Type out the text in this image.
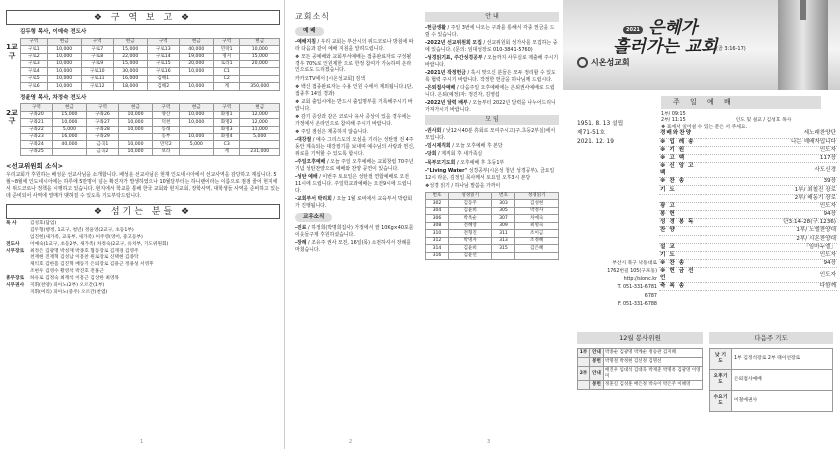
❖ 구 역 보 고 ❖
1교구
김두형 목사, 이예숙 전도사
구역	현금	구역	현금	구역	현금	구역	현금
구로1	10,000	구로7	15,000	구로13	40,000	민락1	10,000
구로2	10,000	구로8	22,000	구로14	19,000	명지	15,000
구로3	10,000	구로9	15,000	구로15	20,000	로라1	20,000
구로4	10,000	구로10	30,000	구로16	10,000	C1	
구로5	10,000	구로11	16,000	김해1		C2	
구로6	10,000	구로12	18,000	김해2	10,000	계	350,000
2교구
정윤영 목사, 차정숙 전도사
구역	현금	구역	현금	구역	현금	구역	현금
구좌20	15,000	구좌26	10,000	양산	10,000	화명1	12,000
구좌21	10,000	구좌27	10,000	덕천	10,000	화명2	12,000
구좌22	5,000	구좌28	10,000	동래		화명3	11,000
구좌23	16,000	구좌29		동부	10,000	화명4	5,000
구좌24	40,000	금곡1	10,000	만덕2	5,000	C3	
구좌25		금곡2	10,000	보라		계	231,000
<선교위원회 소식>
우리교회가 후원하는 배성운 선교사님을 소개합니다. 배성운 선교사님은 현재 인도네시아에서 선교사역을 감당하고 계십니다. 5월~8월에 인도네시아에는 하루에 5만명이 넘는 확진자가 발생하였으나 10월달부터는 하니랜이라는 이름으로 점점 줄어 현지에서 위드코로나 정책을 시행하고 있습니다. 현지에서 학교를 통해 한국 교회와 현지교회, 장학사역, 대학생들 사역을 준비하고 있는 데 준비되어 사역에 열매가 맺혀질 수 있도록 기도부탁드립니다.
❖ 섬기는 분들 ❖
목 사	김성호(담임)
김두형(행정, 1교구, 청년) 정윤영(2교구, 초등1부)
임진헌(새가족, 교육부, 새가족) 이주영(영어, 중고등부)
전도사	이예숙(1교구, 초등2부, 새가족) 차정숙(2교구, 유치부, 기도위원회)
시무장로	최정은 김광명 박성재 박종호 협동장로 김재경 김영주
천재현 진재혁 김성남 이흥찬 원로장로 신택현 김종탁
제익호 김한흠 김진혁 배동기 은퇴장로 김용근 정용성 서영후
조현우 김영수 황영석 박진호 전홍근
휴무장로	하유로 김정숙 최재석 이흥근 김상한 최영목
시무권사	지휘(찬양) 피아노(2부) 오르간(1부)
지휘(여리) 피아노(중주) 오르간(찬엽)
1
교회소식
예 배
-예배지침 / 우리 교회는 부산시의 위드코로나 방침에 따라 다음과 같이 예배 지침을 알려드립니다.
❖ 모든 공예배와 교회부서예배는 접종완료자로 구성될 경우 70%로 인원제한 으로 한정 참여가 가능하며 온라인으로도 드리겠습니다.
카카오TV에서 [시온성교회] 검색
❖ 백신 접종완료자는 수용 인원 수에서 제외됩니다.(단, 접종후 14일 경과)
❖ 교회 출입시에는 반드시 출입명부를 기록해주시기 바랍니다.
❖ 감기 증상과 같은 코로나 유사 증상이 있을 경우에는 가정에서 온라인으로 참여해 주시기 바랍니다.
❖ 주일 점심은 제공하지 않습니다.
-대강절 / 예수 그리스도의 오심을 기리는 성탄절 전 4주 동안 계속되는 대강절기를 보내며 예수님의 사랑과 헌신, 위로를 기억할 수 있도록 합시다.
-주일오후예배 / 오늘 주일 오후예배는 교회창립 70주년 기념 성탄찬양으로 예배와 찬양 공연이 있습니다.
-성탄 예배 / 이번주 토요일은 성탄절 연합예배로 오전11시에 드립니다. 주일학교과예배는 오전9시에 드립니다.
-교회부서 박리회 / 오늘 1월 로비에서 교육부서 박람회가 진행됩니다.
교우소식
-진료 / 하정희(박명희집사) 가정에서 쌀 10Kg×40포를 이웃들구제 후원하셨습니다.
-장례 / 조유주 권사 모친, 16일(목) 소천하셔서 장례를 마쳤습니다.
2
안 내
-헌금생활 / 주일 3번에 나오는 구좌를 통해서 각종 헌금을 드릴 수 있습니다.
-2022년 선교위원회 모집 / 선교위원회 성가사를 모집하는 중에 있습니다. (문의: 임대성장로 010-3841-5760)
-성경읽기표, 주간성경공부 / 오늘까지 사무실로 제출해 주시기 바랍니다.
-2021년 작정헌금 / 혹시 맞으신 분들은 모두 정리할 수 있도록 협력 주시기 바랍니다. 작정한 헌금을 하나님께 드립시다.
-은퇴접사예배 / 다음주일 오후예배에는 은퇴권사예배로 드립니다. 은퇴(예정)자: 정진자, 김영섭
-2022년 달력 배부 / 오늘부터 2022년 달력을 나누어드리니 가져가시기 바랍니다.
모 임
-권사회 / 낮12시40분 휴회로 모여주시고(구.초등2부실)에서 모입니다.
-임시제직회 / 오늘 오후예배 후 본당
-당회 / 제직회 후 새가족실
-목부모기도회 / 오후예배 후 초등1부
-"Living Water" 성경공부(시온성 청년 성경공부), 금요일12시 라운, 김정일 목사께서 토요일 오후3시 본당
❖성경 읽기 / 하나님 말씀을 가까이
번호	성경읽기	번호	성경읽기
302	김동주	303	김성현
304	김윤희	305	박정자
306	박옥순	307	차예숙
308	전혜영	309	최명숙
310	전형진	311	조이금
312	박명자	313	조정혜
314	김윤희	315	김은혜
316	김윤선		
3
2021 은혜가
흘러가는 교회
(골 3:16-17)
시온성교회
주 일 예 배
1부/ 09:15
2부/ 11:15	인도 및 설교 / 김성호 목사
❖ 표에서 일어설 수 있는 분은 서 주세요.
1951. 8. 13 설립
제71-51호
2021. 12. 19
경배와찬양		세노래찬양단
※ 입 례 송		나는 예배자입니다
※ 기 원		인도자
※ 고 백		117장
※ 신 앙 고 백		사도신경
※ 찬 송		39장
기 도		1부/ 최철진 장로
		2부/ 배동기 장로
광 고		인도자
봉 헌		94장
성 경 봉 독		단3:14-28(구.1236)
찬 양		1부/ 노엘찬양대
		2부/ 시온찬양대
설 교		「임마누엘」
기 도		인도자
※ 찬 송		94장
※ 헌 금 선 언		인도자
축 복 송		다함께
부산시 북구 낙동대로
1762번길 105(구포동)
http://sionc.kr
T. 051-331-6781
6787
F. 051-331-6788
12월 봉사위원	다음주 기도
1부	안내	박종순 김광명 박계순 정승관 김지혜
	봉헌	박명철 박정현 김선정 김명선
2부	안내	배진우 임대석 김대욱 박재준 박명옥 김광영 이영미
	봉헌	정훈길 김성훈 배은정 박숙이 박은주 이혜영
낮 기 도	1부 김정석장로 2부 태이선장로
오후기도	은퇴접사예배
수요기도	이철예권사
